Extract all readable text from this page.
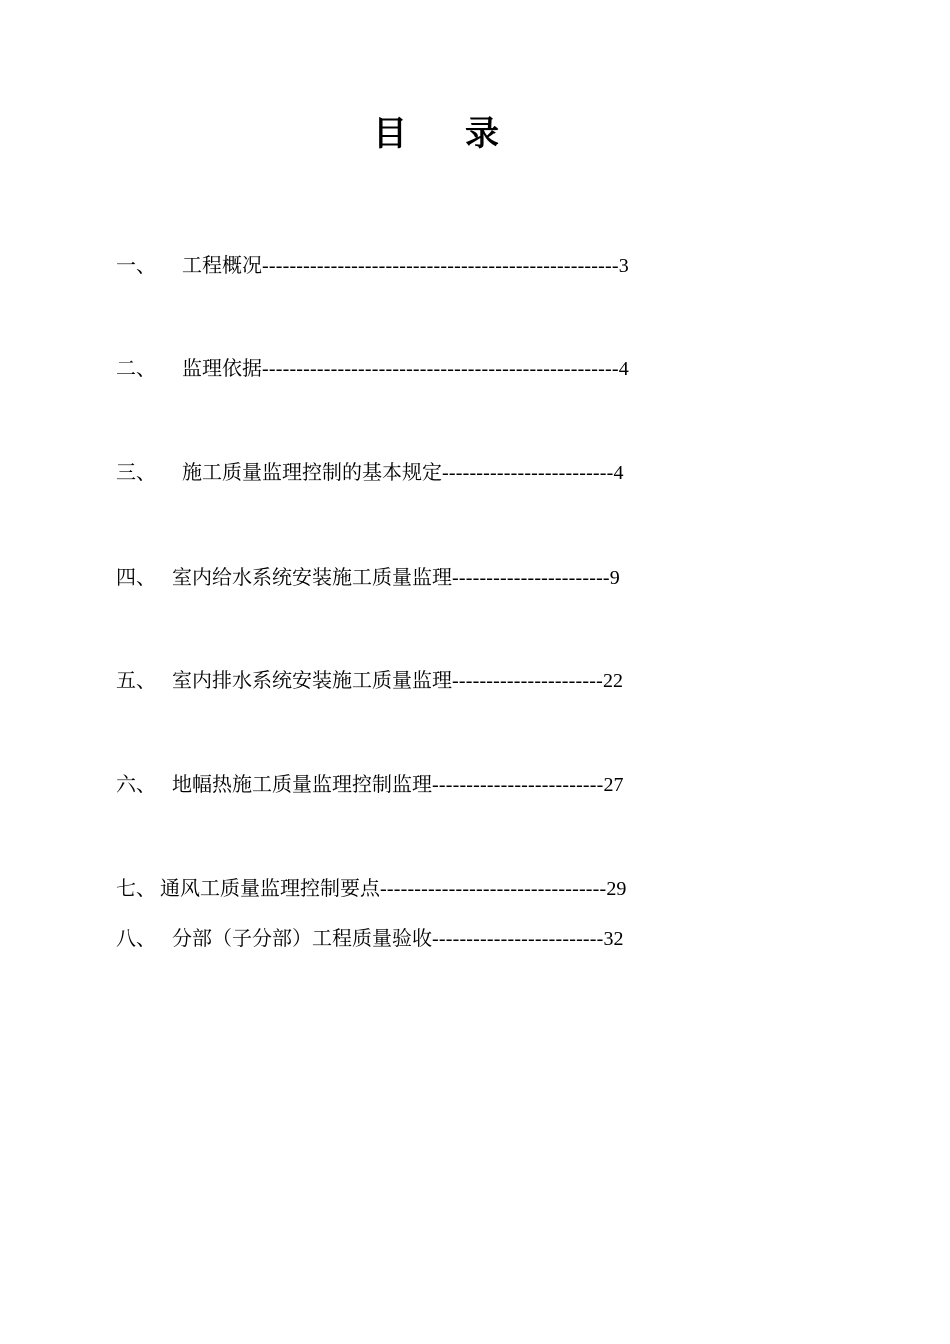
目录
一、 工程概况----------------------------------------------------3
二、 监理依据----------------------------------------------------4
三、 施工质量监理控制的基本规定-------------------------4
四、 室内给水系统安装施工质量监理-----------------------9
五、 室内排水系统安装施工质量监理----------------------22
六、 地幅热施工质量监理控制监理-------------------------27
七、 通风工质量监理控制要点---------------------------------29
八、 分部（子分部）工程质量验收-------------------------32
